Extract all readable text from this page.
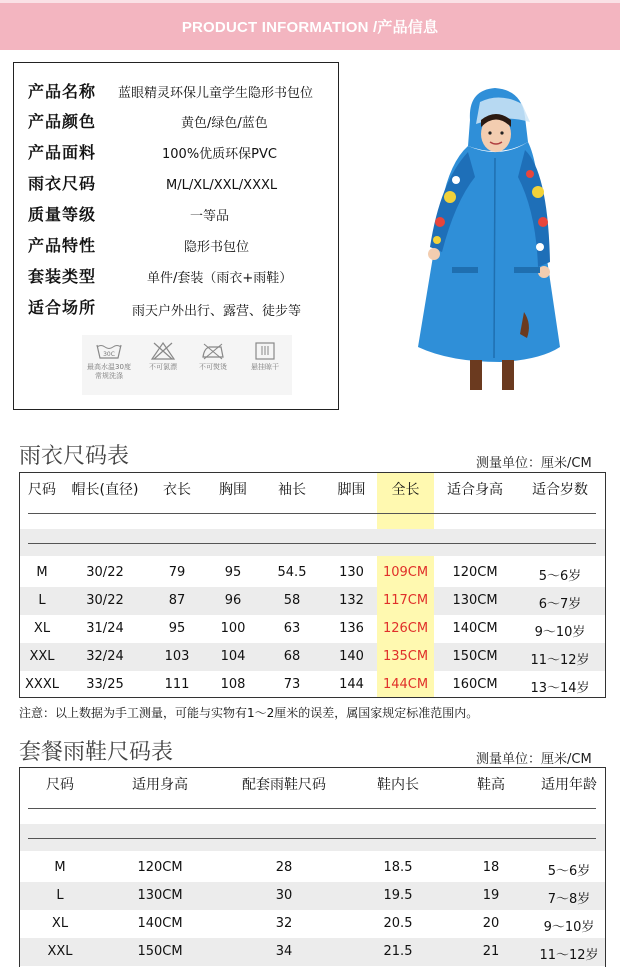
PRODUCT INFORMATION /产品信息
产品名称 蓝眼精灵环保儿童学生隐形书包位
产品颜色	黄色/绿色/蓝色
产品面料	100%优质环保PVC
雨衣尺码	M/L/XL/XXL/XXXL
质量等级	一等品
产品特性	隐形书包位
套装类型	单件/套装（雨衣+雨鞋）
适合场所	雨天户外出行、露营、徒步等
30C
最高水温30度
常规洗涤
不可氯漂	不可熨烫	悬挂晾干
雨衣尺码表	测量单位：厘米/CM
尺码	帽长(直径)	衣长	胸围	袖长	脚围	全长	适合身高	适合岁数
M	30/22	79	95	54.5	130	109CM	120CM	5～6岁
L	30/22	87	96	58	132	117CM	130CM	6～7岁
XL	31/24	95	100	63	136	126CM	140CM	9～10岁
XXL	32/24	103	104	68	140	135CM	150CM	11～12岁
XXXL	33/25	111	108	73	144	144CM	160CM	13～14岁
注意：以上数据为手工测量，可能与实物有1～2厘米的误差，属国家规定标准范围内。
套餐雨鞋尺码表	测量单位：厘米/CM
尺码	适用身高	配套雨鞋尺码	鞋内长	鞋高	适用年龄
M	120CM	28	18.5	18	5～6岁
L	130CM	30	19.5	19	7～8岁
XL	140CM	32	20.5	20	9～10岁
XXL	150CM	34	21.5	21	11～12岁
